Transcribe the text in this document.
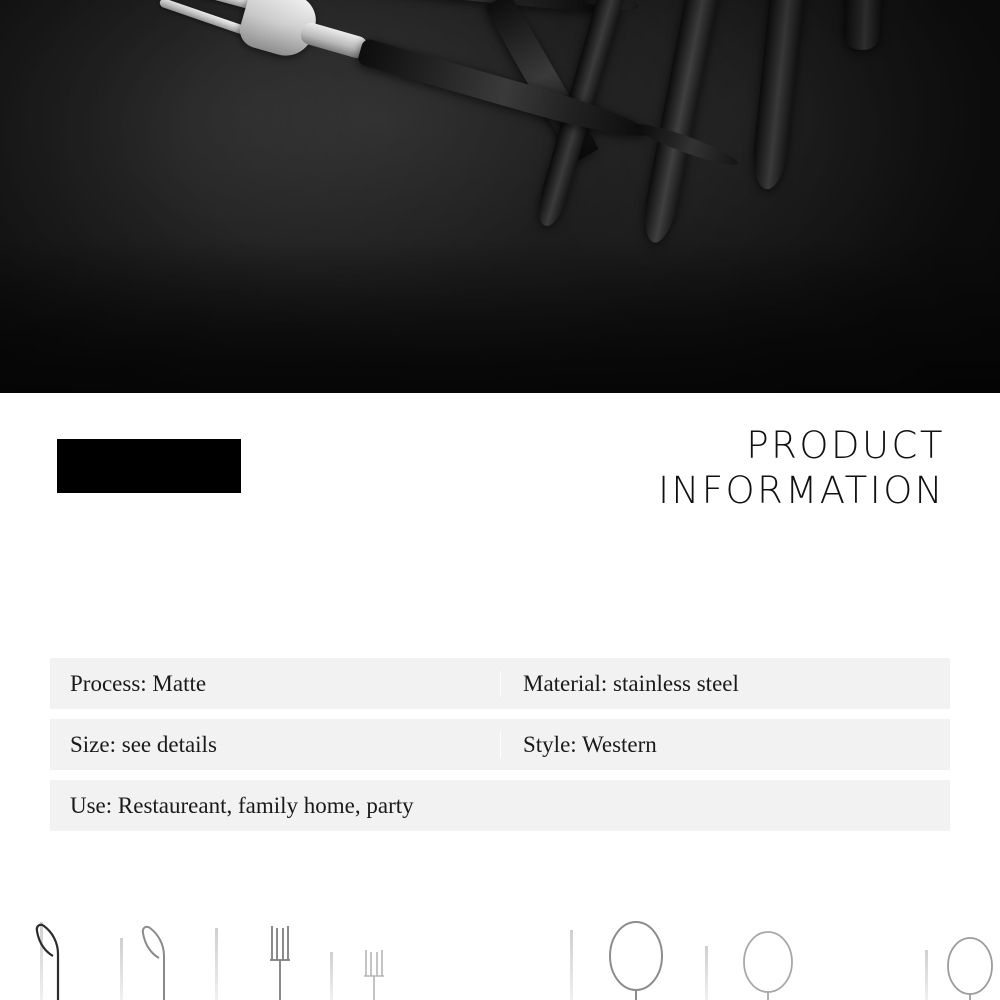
PRODUCT
INFORMATION
Process: Matte	Material: stainless steel
Size: see details	Style: Western
Use: Restaureant, family home, party
